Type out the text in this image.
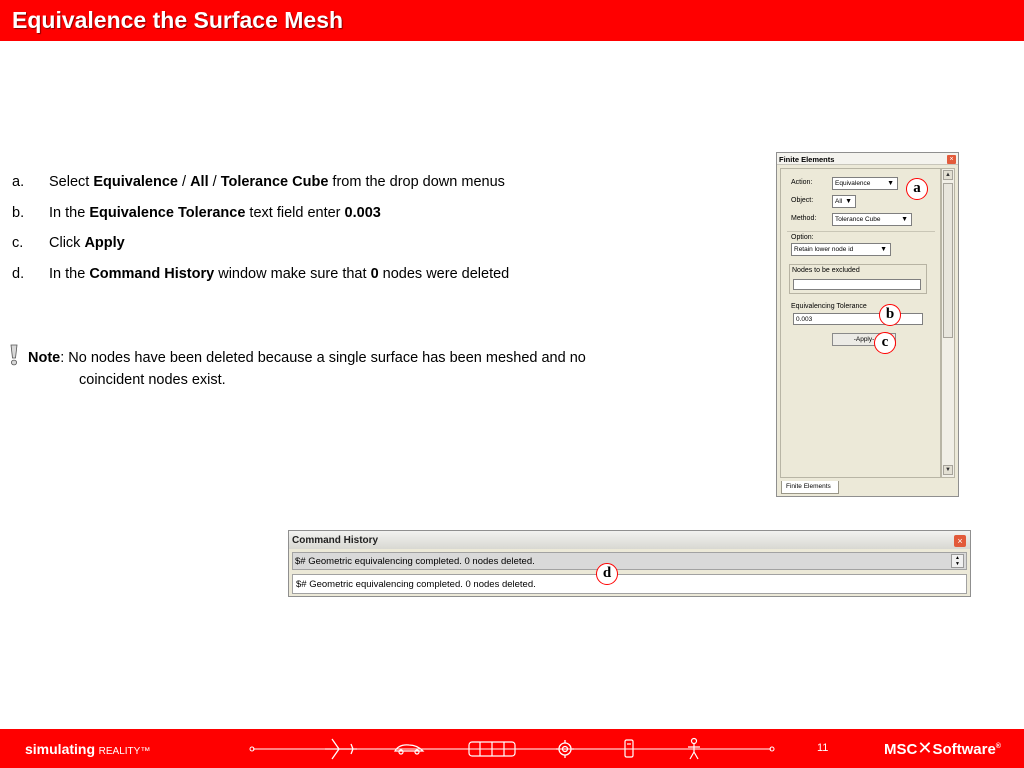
Equivalence the Surface Mesh
a. Select Equivalence / All / Tolerance Cube from the drop down menus
b. In the Equivalence Tolerance text field enter 0.003
c. Click Apply
d. In the Command History window make sure that 0 nodes were deleted
Note: No nodes have been deleted because a single surface has been meshed and no
coincident nodes exist.
Finite Elements	×
Action:	Equivalence ▼
Object:	All ▼
Method:	Tolerance Cube	▼
Option:
Retain lower node id	▼
Nodes to be excluded
Equivalencing Tolerance
0.003
-Apply-
▲
▼
Finite Elements
a
b
c
Command History	×
$# Geometric equivalencing completed. 0 nodes deleted.	▲
▼
$# Geometric equivalencing completed. 0 nodes deleted.
d
simulating REALITY™	11	MSC✕Software®
